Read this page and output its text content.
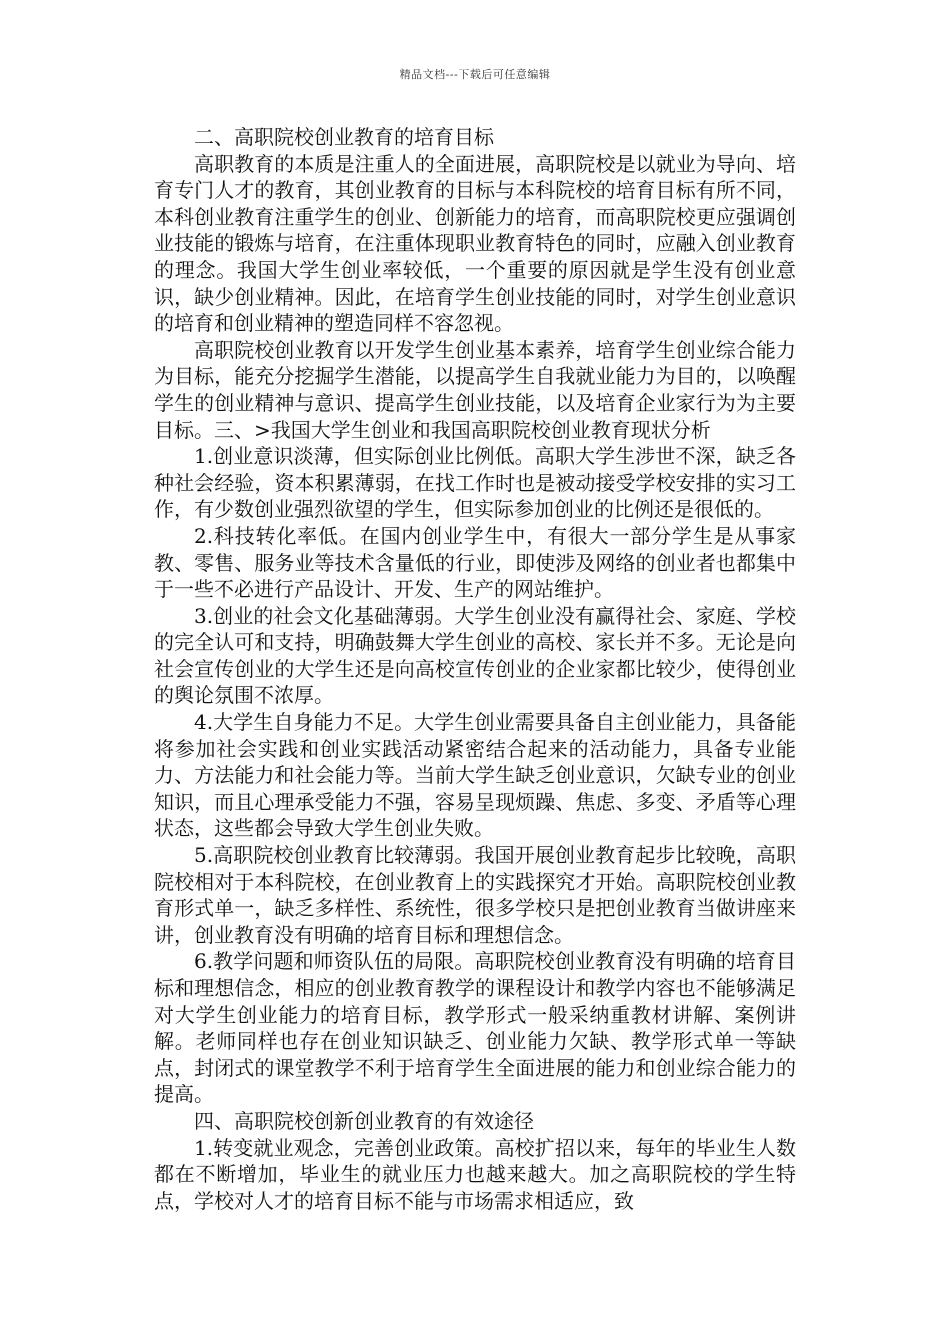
精品文档---下载后可任意编辑

二、高职院校创业教育的培育目标

高职教育的本质是注重人的全面进展，高职院校是以就业为导向、培育专门人才的教育，其创业教育的目标与本科院校的培育目标有所不同，本科创业教育注重学生的创业、创新能力的培育，而高职院校更应强调创业技能的锻炼与培育，在注重体现职业教育特色的同时，应融入创业教育的理念。我国大学生创业率较低，一个重要的原因就是学生没有创业意识，缺少创业精神。因此，在培育学生创业技能的同时，对学生创业意识的培育和创业精神的塑造同样不容忽视。

高职院校创业教育以开发学生创业基本素养，培育学生创业综合能力为目标，能充分挖掘学生潜能，以提高学生自我就业能力为目的，以唤醒学生的创业精神与意识、提高学生创业技能，以及培育企业家行为为主要目标。三、>我国大学生创业和我国高职院校创业教育现状分析

1.创业意识淡薄，但实际创业比例低。高职大学生涉世不深，缺乏各种社会经验，资本积累薄弱，在找工作时也是被动接受学校安排的实习工作，有少数创业强烈欲望的学生，但实际参加创业的比例还是很低的。

2.科技转化率低。在国内创业学生中，有很大一部分学生是从事家教、零售、服务业等技术含量低的行业，即使涉及网络的创业者也都集中于一些不必进行产品设计、开发、生产的网站维护。

3.创业的社会文化基础薄弱。大学生创业没有赢得社会、家庭、学校的完全认可和支持，明确鼓舞大学生创业的高校、家长并不多。无论是向社会宣传创业的大学生还是向高校宣传创业的企业家都比较少，使得创业的舆论氛围不浓厚。

4.大学生自身能力不足。大学生创业需要具备自主创业能力，具备能将参加社会实践和创业实践活动紧密结合起来的活动能力，具备专业能力、方法能力和社会能力等。当前大学生缺乏创业意识，欠缺专业的创业知识，而且心理承受能力不强，容易呈现烦躁、焦虑、多变、矛盾等心理状态，这些都会导致大学生创业失败。

5.高职院校创业教育比较薄弱。我国开展创业教育起步比较晚，高职院校相对于本科院校，在创业教育上的实践探究才开始。高职院校创业教育形式单一，缺乏多样性、系统性，很多学校只是把创业教育当做讲座来讲，创业教育没有明确的培育目标和理想信念。

6.教学问题和师资队伍的局限。高职院校创业教育没有明确的培育目标和理想信念，相应的创业教育教学的课程设计和教学内容也不能够满足对大学生创业能力的培育目标，教学形式一般采纳重教材讲解、案例讲解。老师同样也存在创业知识缺乏、创业能力欠缺、教学形式单一等缺点，封闭式的课堂教学不利于培育学生全面进展的能力和创业综合能力的提高。

四、高职院校创新创业教育的有效途径

1.转变就业观念，完善创业政策。高校扩招以来，每年的毕业生人数都在不断增加，毕业生的就业压力也越来越大。加之高职院校的学生特点，学校对人才的培育目标不能与市场需求相适应，致
